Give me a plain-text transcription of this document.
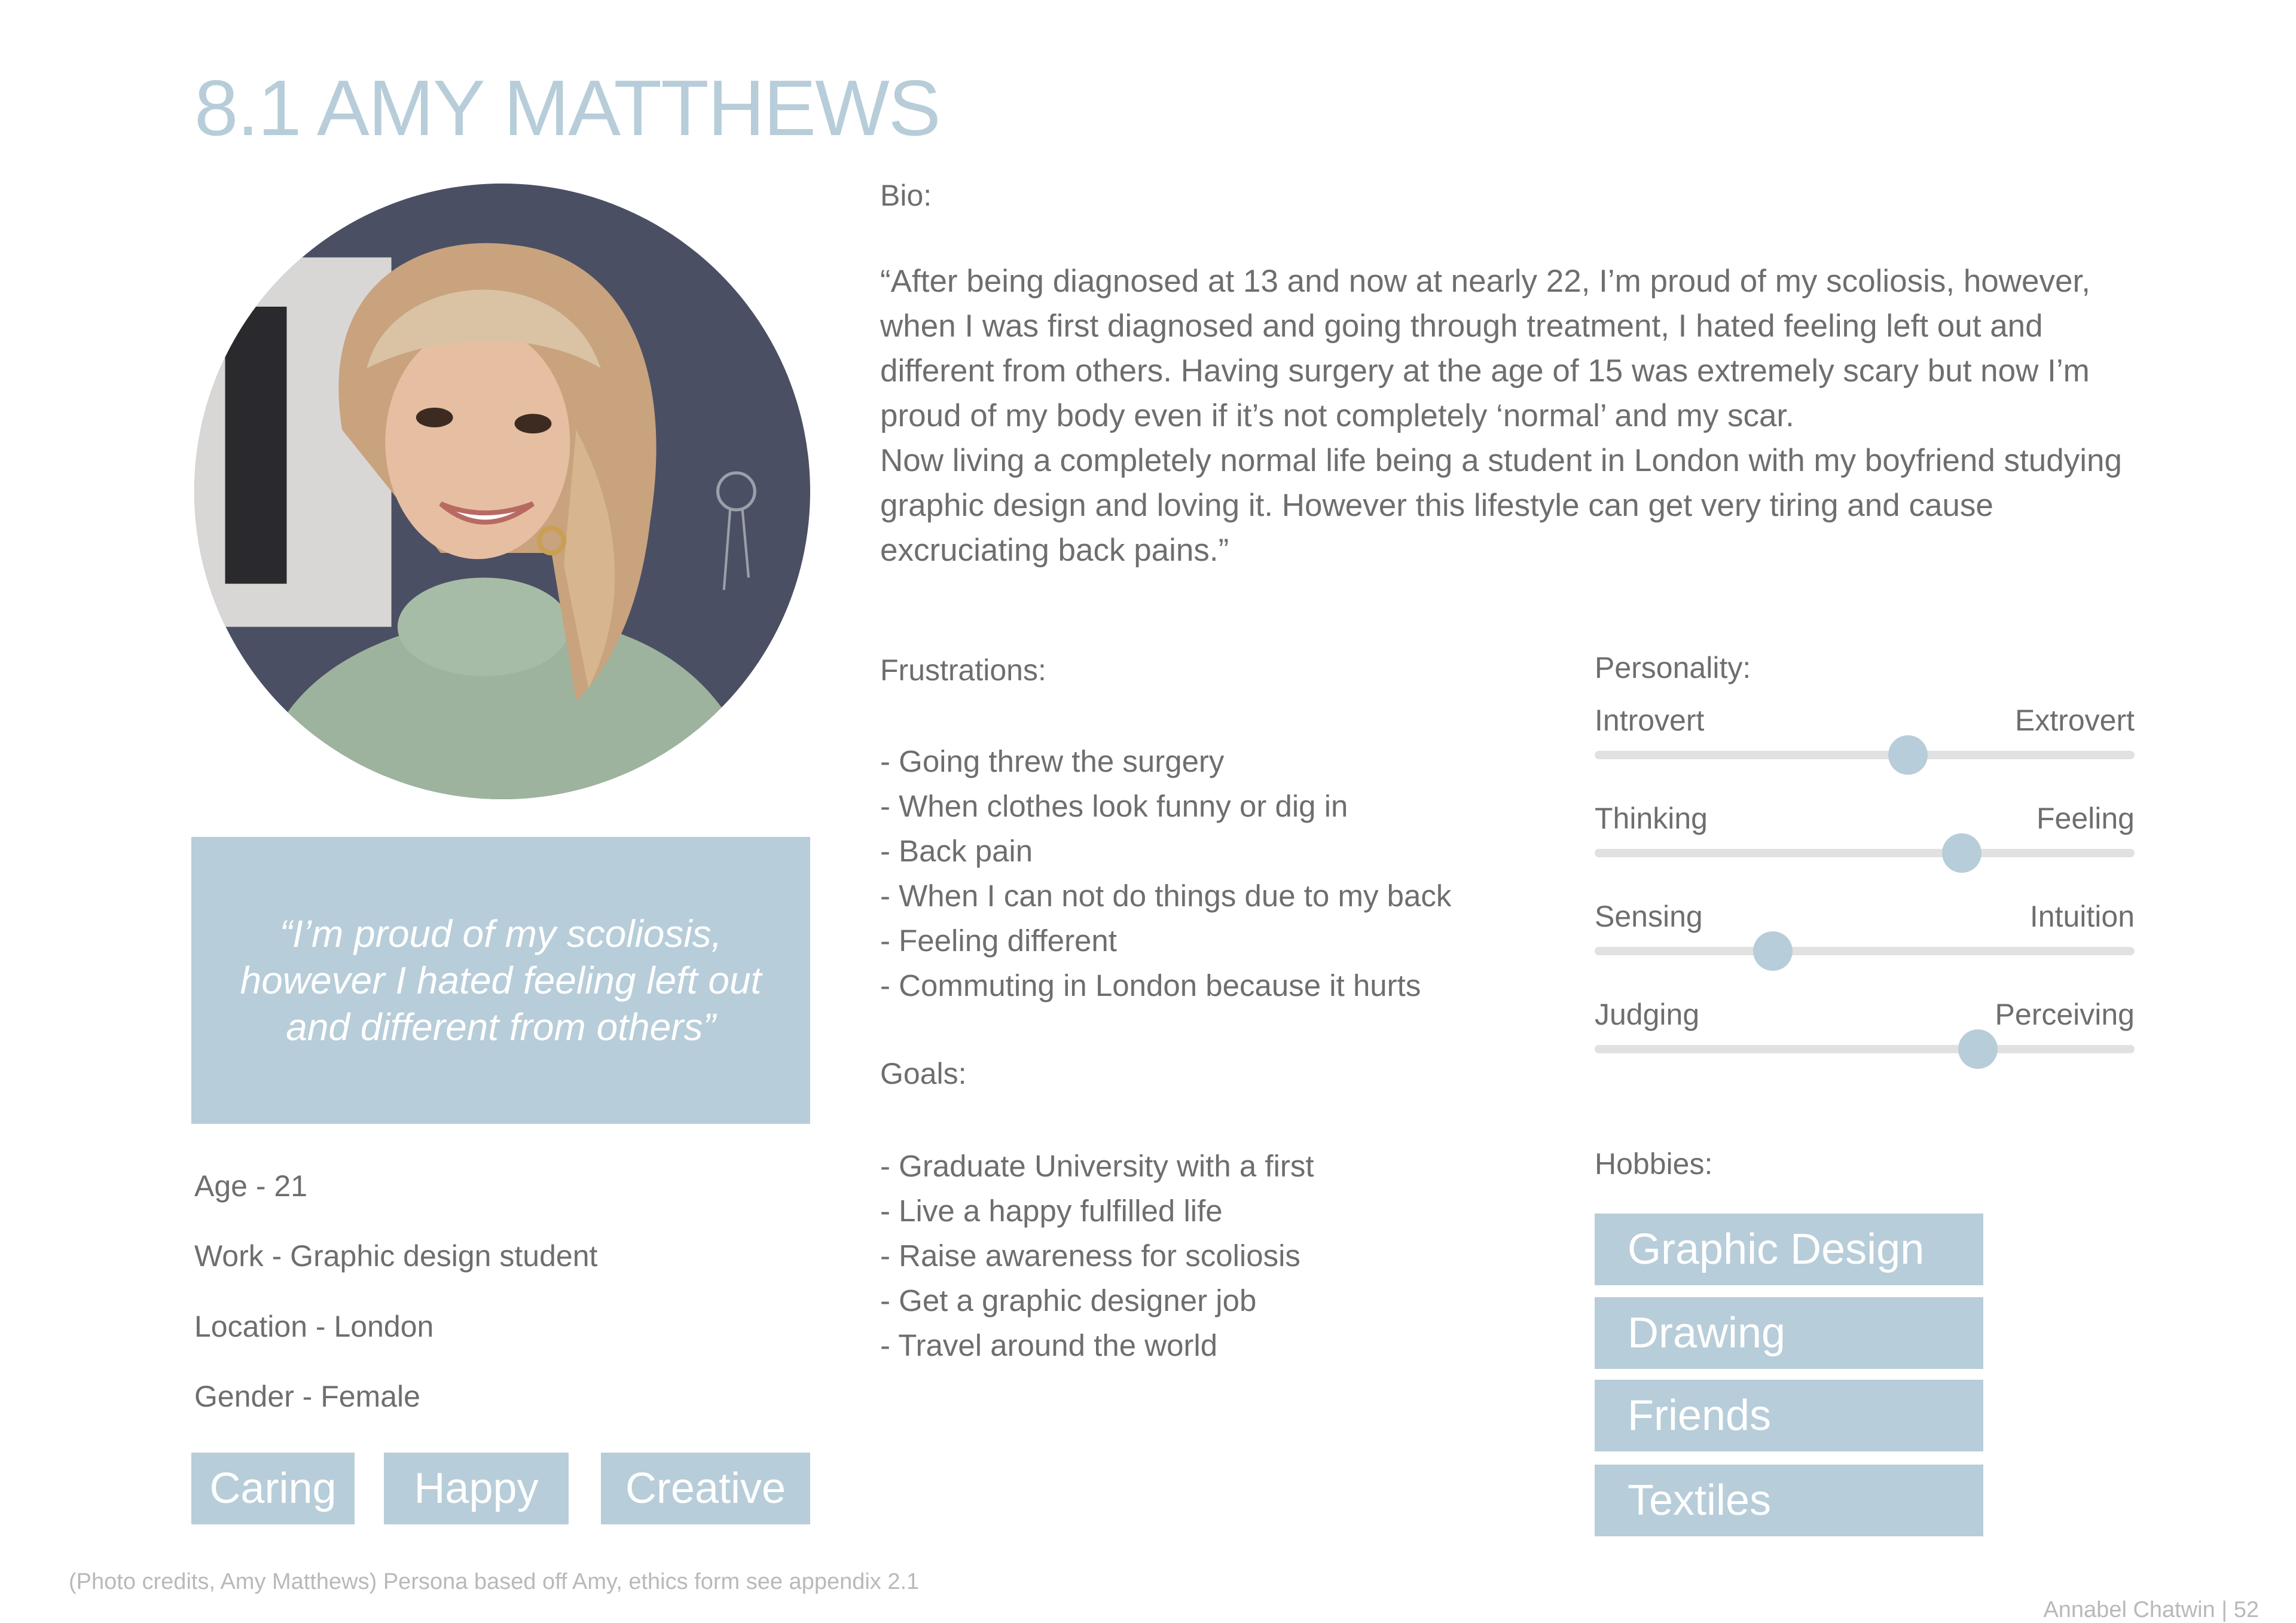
8.1 AMY MATTHEWS
“I’m proud of my scoliosis, however I hated feeling left out and different from others”
Age - 21
Work - Graphic design student
Location - London
Gender - Female
Caring	Happy	Creative
Bio:

“After being diagnosed at 13 and now at nearly 22, I’m proud of my scoliosis, however, when I was first diagnosed and going through treatment, I hated feeling left out and different from others. Having surgery at the age of 15 was extremely scary but now I’m proud of my body even if it’s not completely ‘normal’ and my scar.

Now living a completely normal life being a student in London with my boyfriend studying graphic design and loving it. However this lifestyle can get very tiring and cause excruciating back pains.”

Frustrations:
- Going threw the surgery
- When clothes look funny or dig in
- Back pain
- When I can not do things due to my back
- Feeling different
- Commuting in London because it hurts
Goals:
- Graduate University with a first
- Live a happy fulfilled life
- Raise awareness for scoliosis
- Get a graphic designer job
- Travel around the world
Personality:
Introvert	Extrovert
Thinking	Feeling
Sensing	Intuition
Judging	Perceiving
Hobbies:
Graphic Design
Drawing
Friends
Textiles
(Photo credits, Amy Matthews) Persona based off Amy, ethics form see appendix 2.1
Annabel Chatwin | 52
